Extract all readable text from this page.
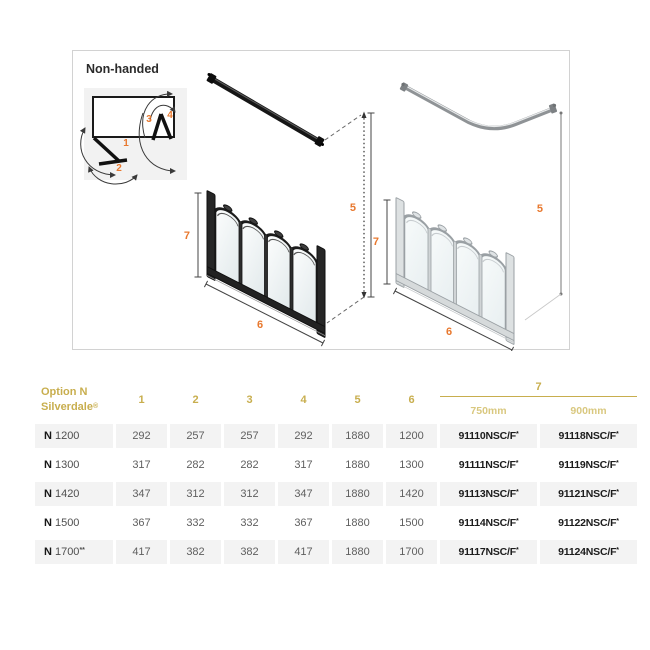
Non-handed
1
2
3 4
5
7
6
5
7
6
Option N
Silverdale®	1	2	3	4	5	6	7	
							750mm	900mm
N 1200	292	257	257	292	1880	1200	91110NSC/F*	91118NSC/F*
N 1300	317	282	282	317	1880	1300	91111NSC/F*	91119NSC/F*
N 1420	347	312	312	347	1880	1420	91113NSC/F*	91121NSC/F*
N 1500	367	332	332	367	1880	1500	91114NSC/F*	91122NSC/F*
N 1700**	417	382	382	417	1880	1700	91117NSC/F*	91124NSC/F*
